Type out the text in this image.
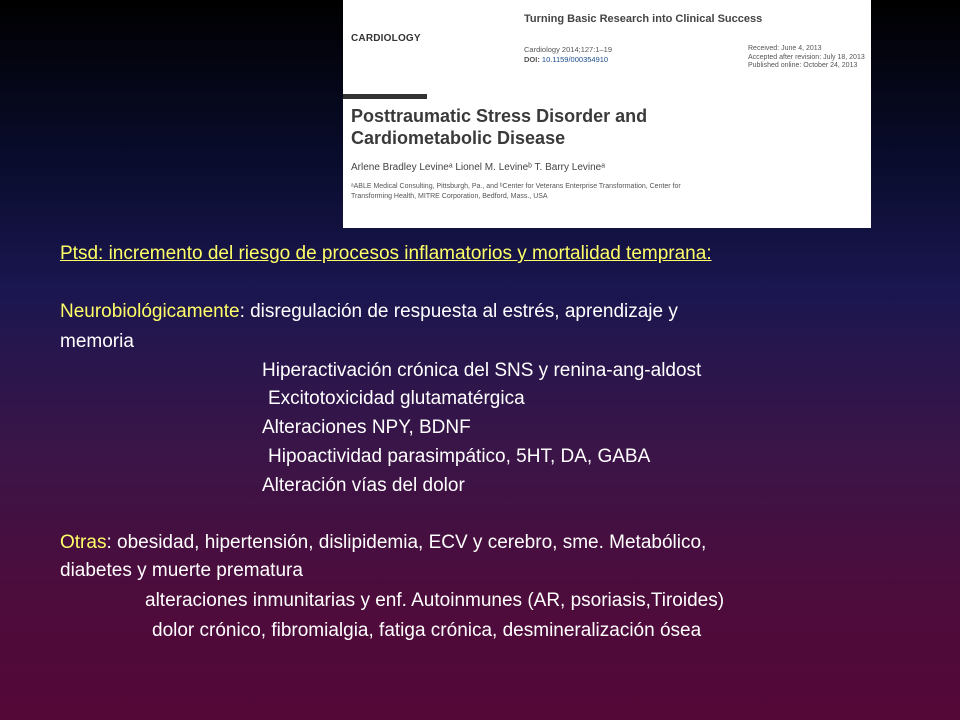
CARDIOLOGY
Turning Basic Research into Clinical Success
Cardiology 2014;127:1–19
DOI: 10.1159/000354910
Received: June 4, 2013
Accepted after revision: July 18, 2013
Published online: October 24, 2013
Posttraumatic Stress Disorder and
Cardiometabolic Disease
Arlene Bradley Levineᵃ Lionel M. Levineᵇ T. Barry Levineᵃ
ᵃABLE Medical Consulting, Pittsburgh, Pa., and ᵇCenter for Veterans Enterprise Transformation, Center for
Transforming Health, MITRE Corporation, Bedford, Mass., USA
Ptsd: incremento del riesgo de procesos inflamatorios y mortalidad temprana:
Neurobiológicamente: disregulación de respuesta al estrés, aprendizaje y
memoria
Hiperactivación crónica del SNS y renina-ang-aldost
Excitotoxicidad glutamatérgica
Alteraciones NPY, BDNF
Hipoactividad parasimpático, 5HT, DA, GABA
Alteración vías del dolor
Otras: obesidad, hipertensión, dislipidemia, ECV y cerebro, sme. Metabólico,
diabetes y muerte prematura
alteraciones inmunitarias y enf. Autoinmunes (AR, psoriasis,Tiroides)
dolor crónico, fibromialgia, fatiga crónica, desmineralización ósea
